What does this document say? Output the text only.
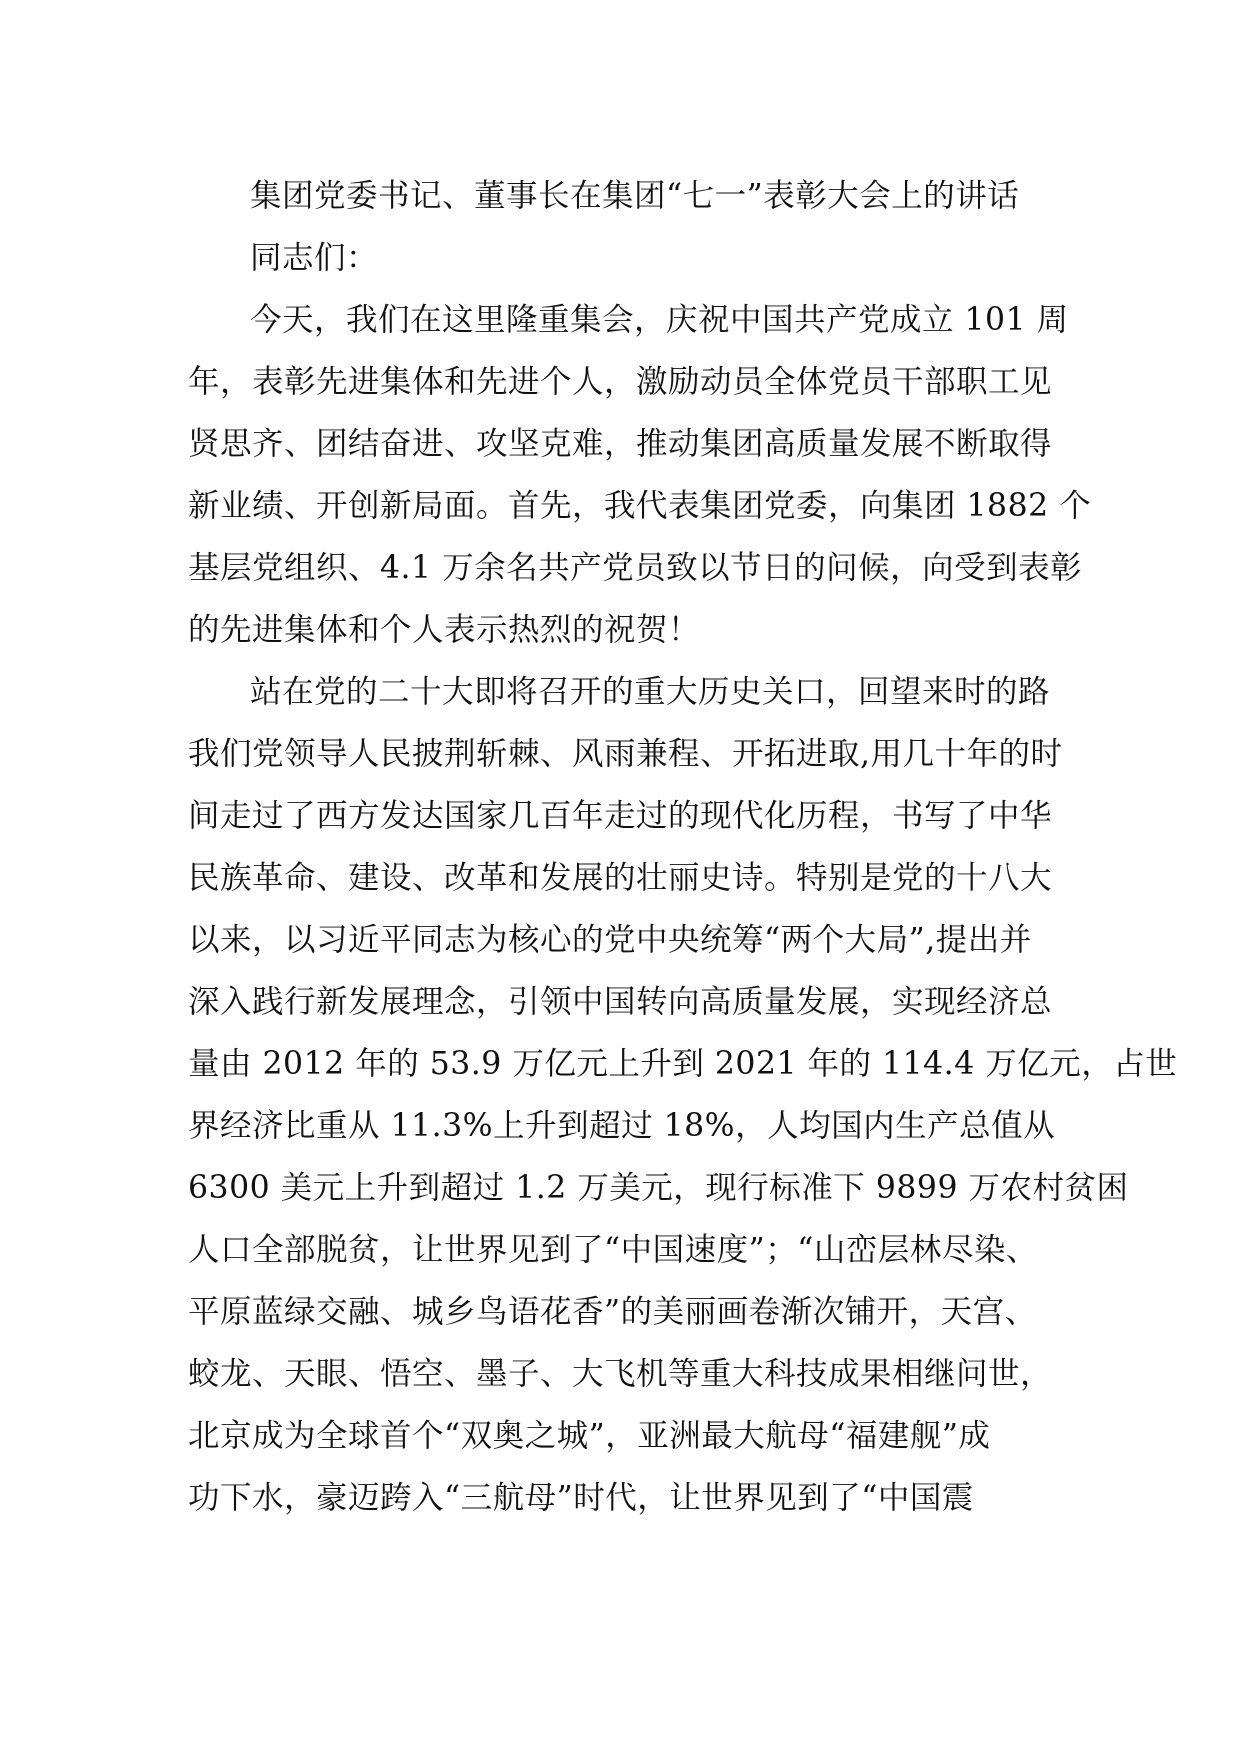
集团党委书记、董事长在集团“七一”表彰大会上的讲话
同志们：
今天，我们在这里隆重集会，庆祝中国共产党成立 101 周
年，表彰先进集体和先进个人，激励动员全体党员干部职工见
贤思齐、团结奋进、攻坚克难，推动集团高质量发展不断取得
新业绩、开创新局面。首先，我代表集团党委，向集团 1882 个
基层党组织、4.1 万余名共产党员致以节日的问候，向受到表彰
的先进集体和个人表示热烈的祝贺！
站在党的二十大即将召开的重大历史关口，回望来时的路
我们党领导人民披荆斩棘、风雨兼程、开拓进取,用几十年的时
间走过了西方发达国家几百年走过的现代化历程，书写了中华
民族革命、建设、改革和发展的壮丽史诗。特别是党的十八大
以来，以习近平同志为核心的党中央统筹“两个大局”,提出并
深入践行新发展理念，引领中国转向高质量发展，实现经济总
量由 2012 年的 53.9 万亿元上升到 2021 年的 114.4 万亿元，占世
界经济比重从 11.3%上升到超过 18%，人均国内生产总值从
6300 美元上升到超过 1.2 万美元，现行标准下 9899 万农村贫困
人口全部脱贫，让世界见到了“中国速度”；“山峦层林尽染、
平原蓝绿交融、城乡鸟语花香”的美丽画卷渐次铺开，天宫、
蛟龙、天眼、悟空、墨子、大飞机等重大科技成果相继问世，
北京成为全球首个“双奥之城”，亚洲最大航母“福建舰”成
功下水，豪迈跨入“三航母”时代，让世界见到了“中国震
